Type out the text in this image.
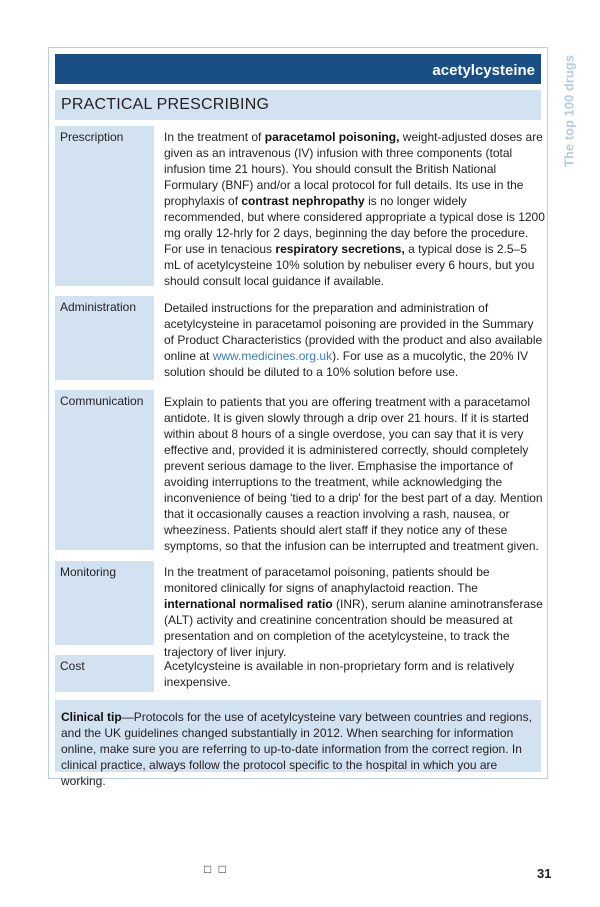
The top 100 drugs
acetylcysteine
PRACTICAL PRESCRIBING
Prescription	In the treatment of paracetamol poisoning, weight-adjusted doses are given as an intravenous (IV) infusion with three components (total infusion time 21 hours). You should consult the British National Formulary (BNF) and/or a local protocol for full details. Its use in the prophylaxis of contrast nephropathy is no longer widely recommended, but where considered appropriate a typical dose is 1200 mg orally 12-hrly for 2 days, beginning the day before the procedure. For use in tenacious respiratory secretions, a typical dose is 2.5–5 mL of acetylcysteine 10% solution by nebuliser every 6 hours, but you should consult local guidance if available.
Administration	Detailed instructions for the preparation and administration of acetylcysteine in paracetamol poisoning are provided in the Summary of Product Characteristics (provided with the product and also available online at www.medicines.org.uk). For use as a mucolytic, the 20% IV solution should be diluted to a 10% solution before use.
Communication	Explain to patients that you are offering treatment with a paracetamol antidote. It is given slowly through a drip over 21 hours. If it is started within about 8 hours of a single overdose, you can say that it is very effective and, provided it is administered correctly, should completely prevent serious damage to the liver. Emphasise the importance of avoiding interruptions to the treatment, while acknowledging the inconvenience of being 'tied to a drip' for the best part of a day. Mention that it occasionally causes a reaction involving a rash, nausea, or wheeziness. Patients should alert staff if they notice any of these symptoms, so that the infusion can be interrupted and treatment given.
Monitoring	In the treatment of paracetamol poisoning, patients should be monitored clinically for signs of anaphylactoid reaction. The international normalised ratio (INR), serum alanine aminotransferase (ALT) activity and creatinine concentration should be measured at presentation and on completion of the acetylcysteine, to track the trajectory of liver injury.
Cost	Acetylcysteine is available in non-proprietary form and is relatively inexpensive.
Clinical tip—Protocols for the use of acetylcysteine vary between countries and regions, and the UK guidelines changed substantially in 2012. When searching for information online, make sure you are referring to up-to-date information from the correct region. In clinical practice, always follow the protocol specific to the hospital in which you are working.
□ □	31
